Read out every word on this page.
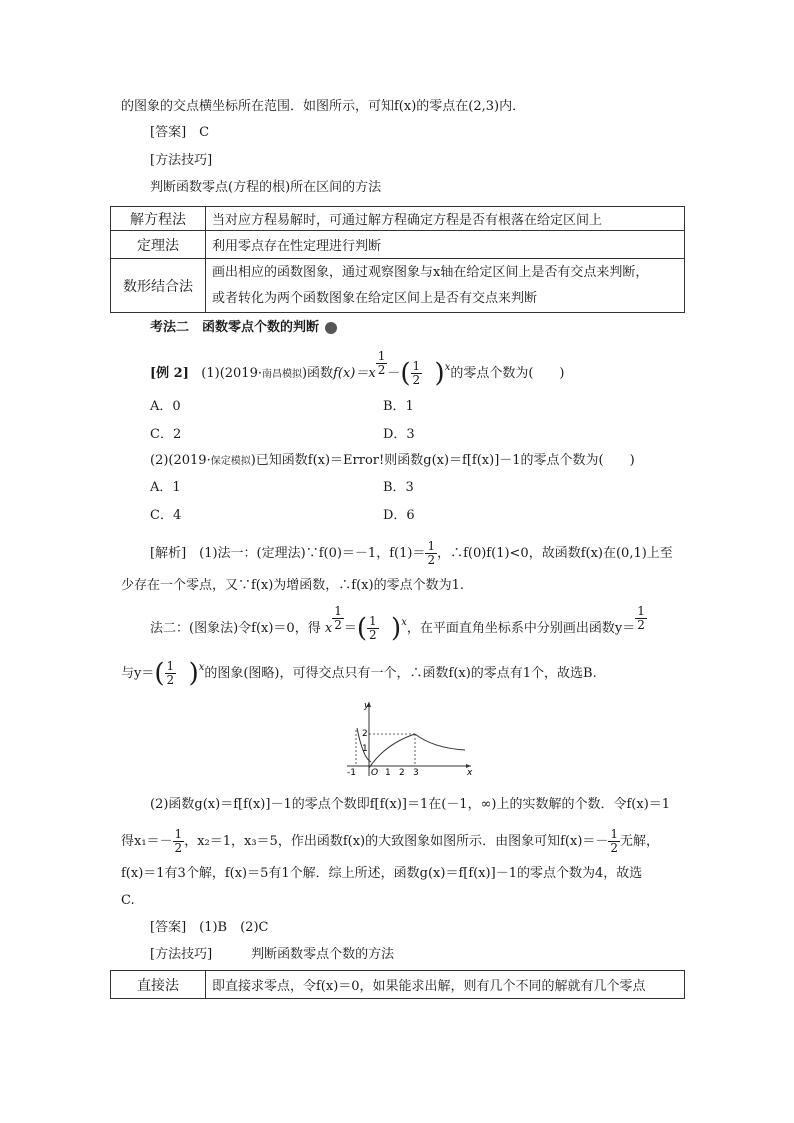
的图象的交点横坐标所在范围．如图所示，可知f(x)的零点在(2,3)内．
[答案]　C
[方法技巧]
判断函数零点(方程的根)所在区间的方法
解方程法	当对应方程易解时，可通过解方程确定方程是否有根落在给定区间上
定理法	利用零点存在性定理进行判断
数形结合法	画出相应的函数图象，通过观察图象与x轴在给定区间上是否有交点来判断，
或者转化为两个函数图象在给定区间上是否有交点来判断
考法二　函数零点个数的判断
[例 2] (1)(2019·南昌模拟)函数$f(x)=x \frac{1}{2}$ －( $\frac{1}{2} )^x$的零点个数为(　　)
A．0	B．1
C．2	D．3
(2)(2019·保定模拟)已知函数f(x)＝Error!则函数g(x)＝f[f(x)]－1的零点个数为(　　)
A．1	B．3
C．4	D．6
[解析]　(1)法一：(定理法)∵f(0)＝－1，$f(1)= \frac{1}{2}$ ，∴f(0)f(1)<0，故函数f(x)在(0,1)上至
少存在一个零点，又∵f(x)为增函数，∴f(x)的零点个数为1.
法二：(图象法)令f(x)＝0，得 x $\frac{1}{2}$ ＝( $\frac{1}{2} )^x$，在平面直角坐标系中分别画出函数$y= \frac{1}{2}$
与$y=( \frac{1}{2} )^x$的图象(图略)，可得交点只有一个，∴函数f(x)的零点有1个，故选B.
y
x
2
1
-1 O 1 2 3
(2)函数g(x)＝f[f(x)]－1的零点个数即f[f(x)]＝1在(－1，∞)上的实数解的个数．令f(x)＝1
得$x_1=- \frac{1}{2}$ ，x₂＝1，x₃＝5，作出函数f(x)的大致图象如图所示．由图象可知$f(x)=- \frac{1}{2}$ 无解，
f(x)＝1有3个解，f(x)＝5有1个解．综上所述，函数g(x)＝f[f(x)]－1的零点个数为4，故选
C.
[答案]　(1)B　(2)C
[方法技巧]　　　判断函数零点个数的方法
直接法	即直接求零点，令f(x)＝0，如果能求出解，则有几个不同的解就有几个零点
